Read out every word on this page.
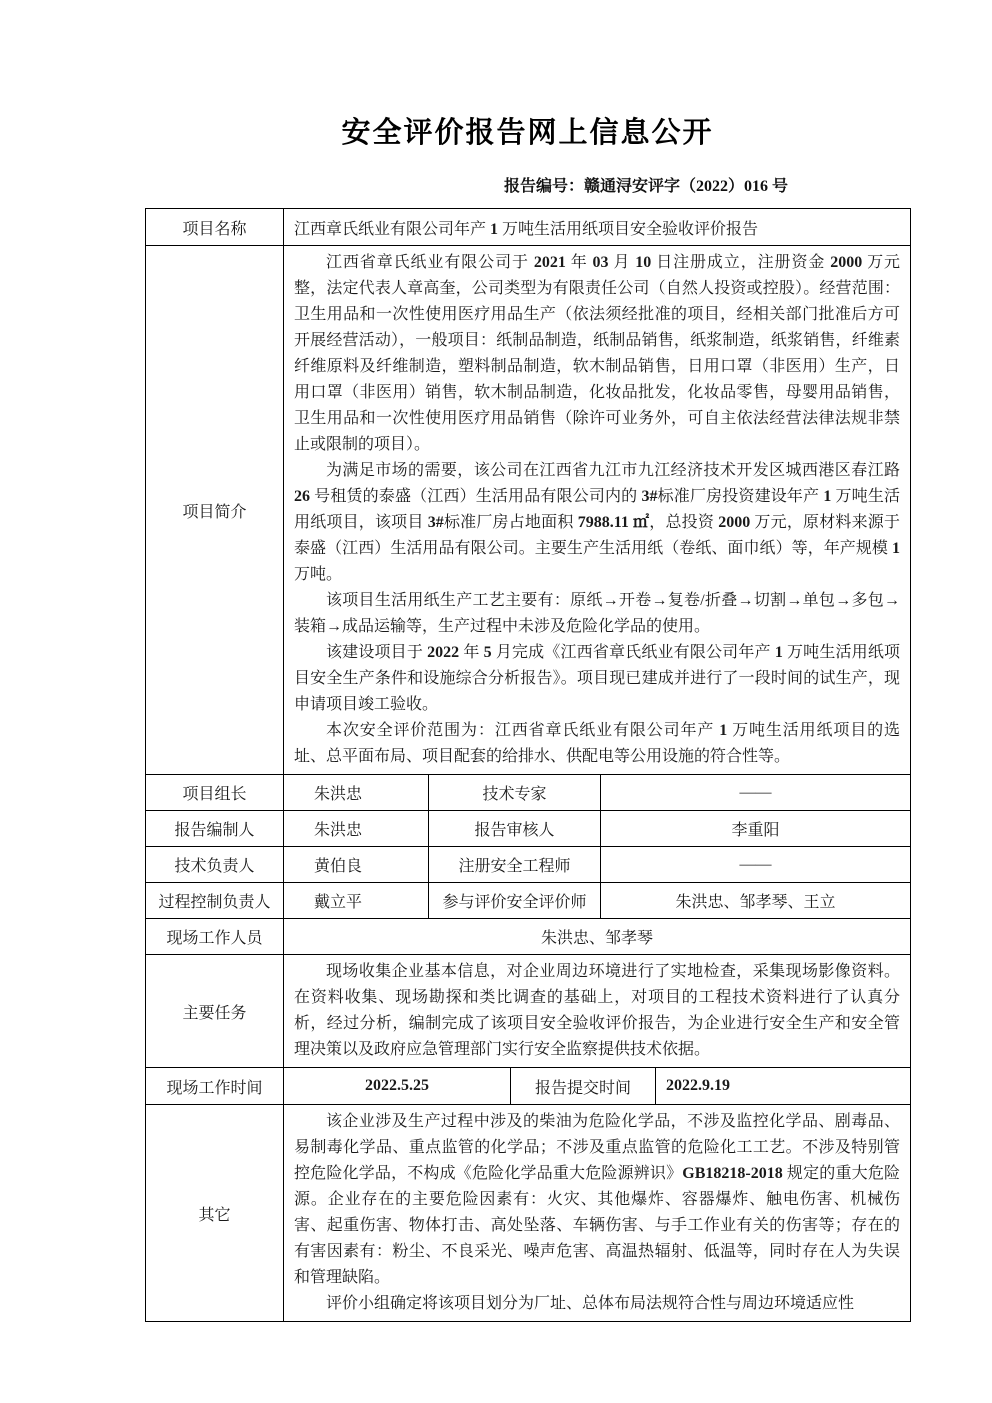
安全评价报告网上信息公开
报告编号：赣通浔安评字（2022）016 号
项目名称	江西章氏纸业有限公司年产 1 万吨生活用纸项目安全验收评价报告				
项目简介	江西省章氏纸业有限公司于 2021 年 03 月 10 日注册成立，注册资金 2000 万元整，法定代表人章高奎，公司类型为有限责任公司（自然人投资或控股）。经营范围：卫生用品和一次性使用医疗用品生产（依法须经批准的项目，经相关部门批准后方可开展经营活动），一般项目：纸制品制造，纸制品销售，纸浆制造，纸浆销售，纤维素纤维原料及纤维制造，塑料制品制造，软木制品销售，日用口罩（非医用）生产，日用口罩（非医用）销售，软木制品制造，化妆品批发，化妆品零售，母婴用品销售，卫生用品和一次性使用医疗用品销售（除许可业务外，可自主依法经营法律法规非禁止或限制的项目）。

为满足市场的需要，该公司在江西省九江市九江经济技术开发区城西港区春江路 26 号租赁的泰盛（江西）生活用品有限公司内的 3#标准厂房投资建设年产 1 万吨生活用纸项目，该项目 3#标准厂房占地面积 7988.11 ㎡，总投资 2000 万元，原材料来源于泰盛（江西）生活用品有限公司。主要生产生活用纸（卷纸、面巾纸）等，年产规模 1 万吨。

该项目生活用纸生产工艺主要有：原纸→开卷→复卷/折叠→切割→单包→多包→装箱→成品运输等，生产过程中未涉及危险化学品的使用。

该建设项目于 2022 年 5 月完成《江西省章氏纸业有限公司年产 1 万吨生活用纸项目安全生产条件和设施综合分析报告》。项目现已建成并进行了一段时间的试生产，现申请项目竣工验收。

本次安全评价范围为：江西省章氏纸业有限公司年产 1 万吨生活用纸项目的选址、总平面布局、项目配套的给排水、供配电等公用设施的符合性等。				

项目组长	朱洪忠	技术专家		——	
报告编制人	朱洪忠	报告审核人		李重阳	
技术负责人	黄伯良	注册安全工程师		——	
过程控制负责人	戴立平	参与评价安全评价师		朱洪忠、邹孝琴、王立	
现场工作人员	朱洪忠、邹孝琴				
主要任务	现场收集企业基本信息，对企业周边环境进行了实地检查，采集现场影像资料。在资料收集、现场勘探和类比调查的基础上，对项目的工程技术资料进行了认真分析，经过分析，编制完成了该项目安全验收评价报告，为企业进行安全生产和安全管理决策以及政府应急管理部门实行安全监察提供技术依据。				

现场工作时间	2022.5.25		报告提交时间		2022.9.19
其它	该企业涉及生产过程中涉及的柴油为危险化学品，不涉及监控化学品、剧毒品、易制毒化学品、重点监管的化学品；不涉及重点监管的危险化工工艺。不涉及特别管控危险化学品，不构成《危险化学品重大危险源辨识》GB18218-2018 规定的重大危险源。企业存在的主要危险因素有：火灾、其他爆炸、容器爆炸、触电伤害、机械伤害、起重伤害、物体打击、高处坠落、车辆伤害、与手工作业有关的伤害等；存在的有害因素有：粉尘、不良采光、噪声危害、高温热辐射、低温等，同时存在人为失误和管理缺陷。

评价小组确定将该项目划分为厂址、总体布局法规符合性与周边环境适应性				
